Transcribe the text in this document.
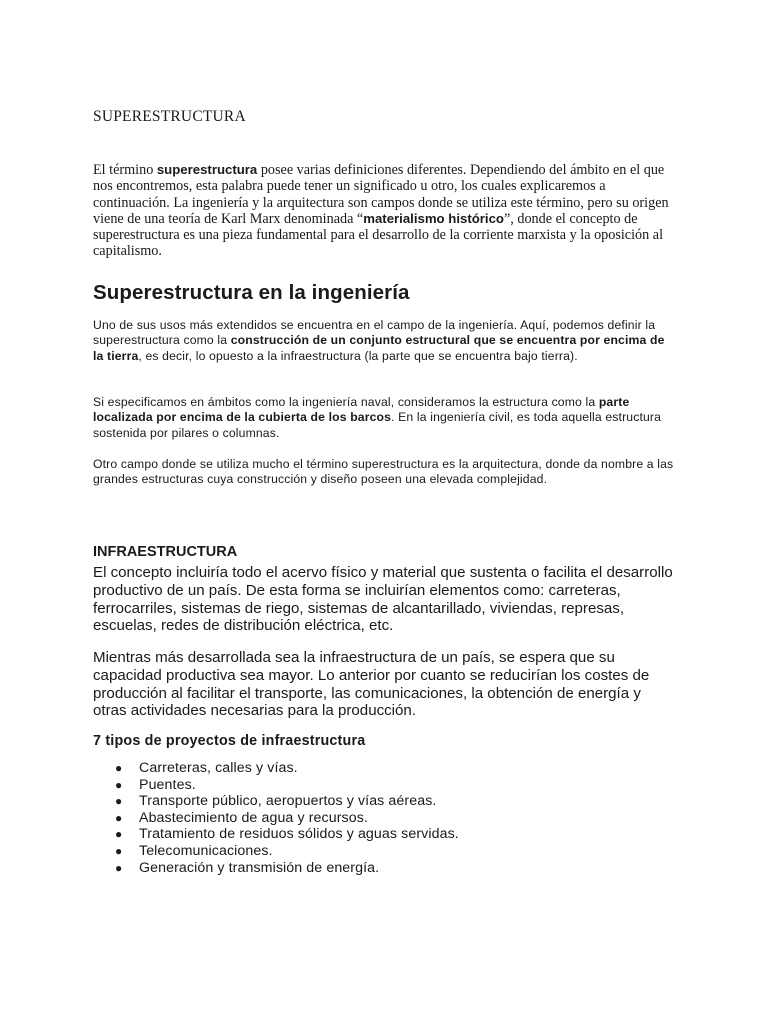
SUPERESTRUCTURA

El término superestructura posee varias definiciones diferentes. Dependiendo del ámbito en el que nos encontremos, esta palabra puede tener un significado u otro, los cuales explicaremos a continuación. La ingeniería y la arquitectura son campos donde se utiliza este término, pero su origen viene de una teoría de Karl Marx denominada “materialismo histórico”, donde el concepto de superestructura es una pieza fundamental para el desarrollo de la corriente marxista y la oposición al capitalismo.

Superestructura en la ingeniería

Uno de sus usos más extendidos se encuentra en el campo de la ingeniería. Aquí, podemos definir la superestructura como la construcción de un conjunto estructural que se encuentra por encima de la tierra, es decir, lo opuesto a la infraestructura (la parte que se encuentra bajo tierra).

Si especificamos en ámbitos como la ingeniería naval, consideramos la estructura como la parte localizada por encima de la cubierta de los barcos. En la ingeniería civil, es toda aquella estructura sostenida por pilares o columnas.

Otro campo donde se utiliza mucho el término superestructura es la arquitectura, donde da nombre a las grandes estructuras cuya construcción y diseño poseen una elevada complejidad.

INFRAESTRUCTURA

El concepto incluiría todo el acervo físico y material que sustenta o facilita el desarrollo productivo de un país. De esta forma se incluirían elementos como: carreteras, ferrocarriles, sistemas de riego, sistemas de alcantarillado, viviendas, represas, escuelas, redes de distribución eléctrica, etc.

Mientras más desarrollada sea la infraestructura de un país, se espera que su capacidad productiva sea mayor. Lo anterior por cuanto se reducirían los costes de producción al facilitar el transporte, las comunicaciones, la obtención de energía y otras actividades necesarias para la producción.

7 tipos de proyectos de infraestructura
● Carreteras, calles y vías.
● Puentes.
● Transporte público, aeropuertos y vías aéreas.
● Abastecimiento de agua y recursos.
● Tratamiento de residuos sólidos y aguas servidas.
● Telecomunicaciones.
● Generación y transmisión de energía.
